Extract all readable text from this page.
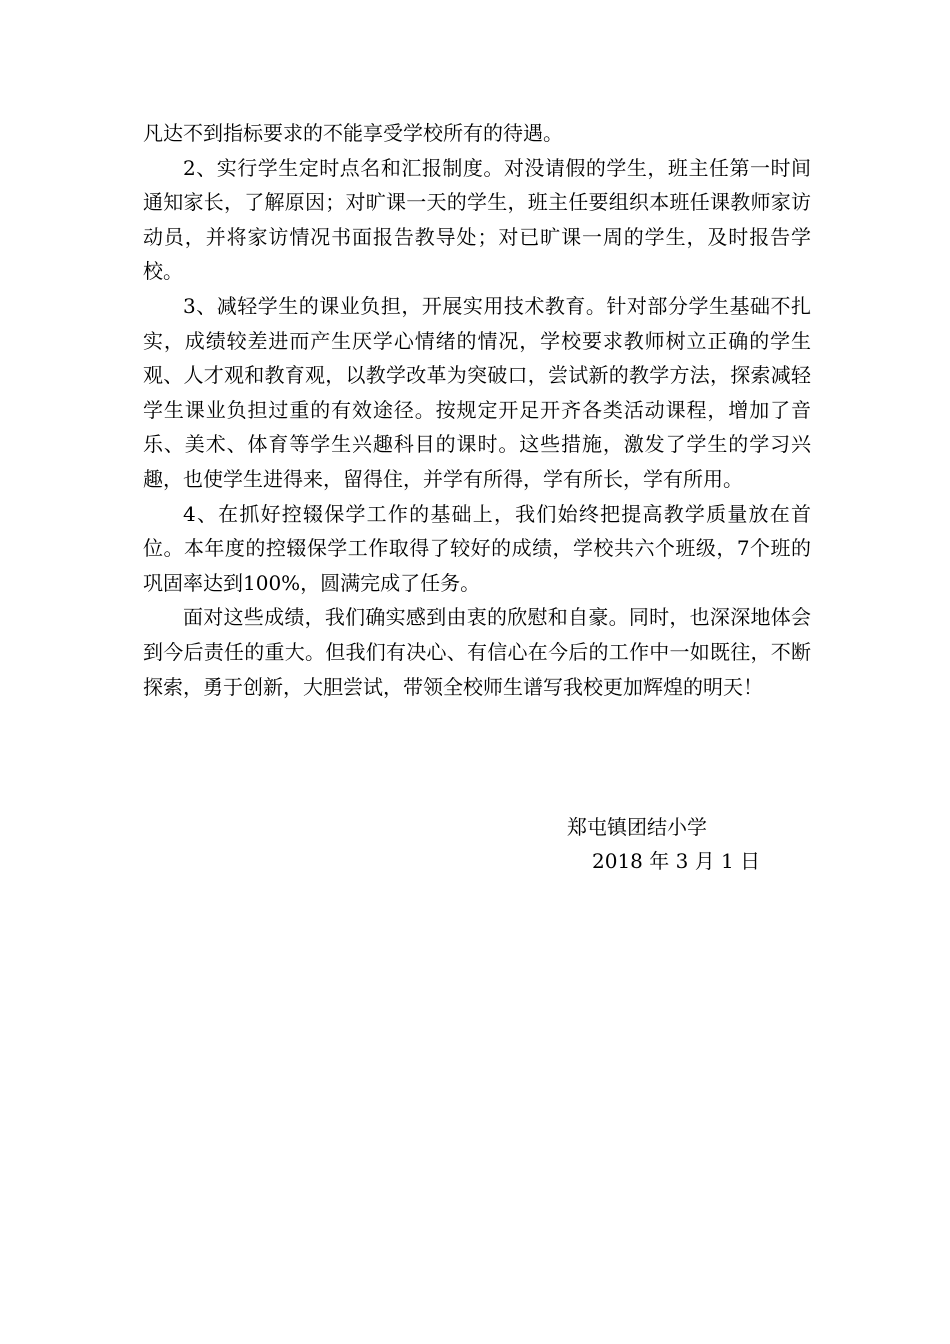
凡达不到指标要求的不能享受学校所有的待遇。

2、实行学生定时点名和汇报制度。对没请假的学生，班主任第一时间通知家长，了解原因；对旷课一天的学生，班主任要组织本班任课教师家访动员，并将家访情况书面报告教导处；对已旷课一周的学生，及时报告学校。

3、减轻学生的课业负担，开展实用技术教育。针对部分学生基础不扎实，成绩较差进而产生厌学心情绪的情况，学校要求教师树立正确的学生观、人才观和教育观，以教学改革为突破口，尝试新的教学方法，探索减轻学生课业负担过重的有效途径。按规定开足开齐各类活动课程，增加了音乐、美术、体育等学生兴趣科目的课时。这些措施，激发了学生的学习兴趣，也使学生进得来，留得住，并学有所得，学有所长，学有所用。

4、在抓好控辍保学工作的基础上，我们始终把提高教学质量放在首位。本年度的控辍保学工作取得了较好的成绩，学校共六个班级，7个班的巩固率达到100%，圆满完成了任务。

面对这些成绩，我们确实感到由衷的欣慰和自豪。同时，也深深地体会到今后责任的重大。但我们有决心、有信心在今后的工作中一如既往，不断探索，勇于创新，大胆尝试，带领全校师生谱写我校更加辉煌的明天！

郑屯镇团结小学
2018 年 3 月 1 日
